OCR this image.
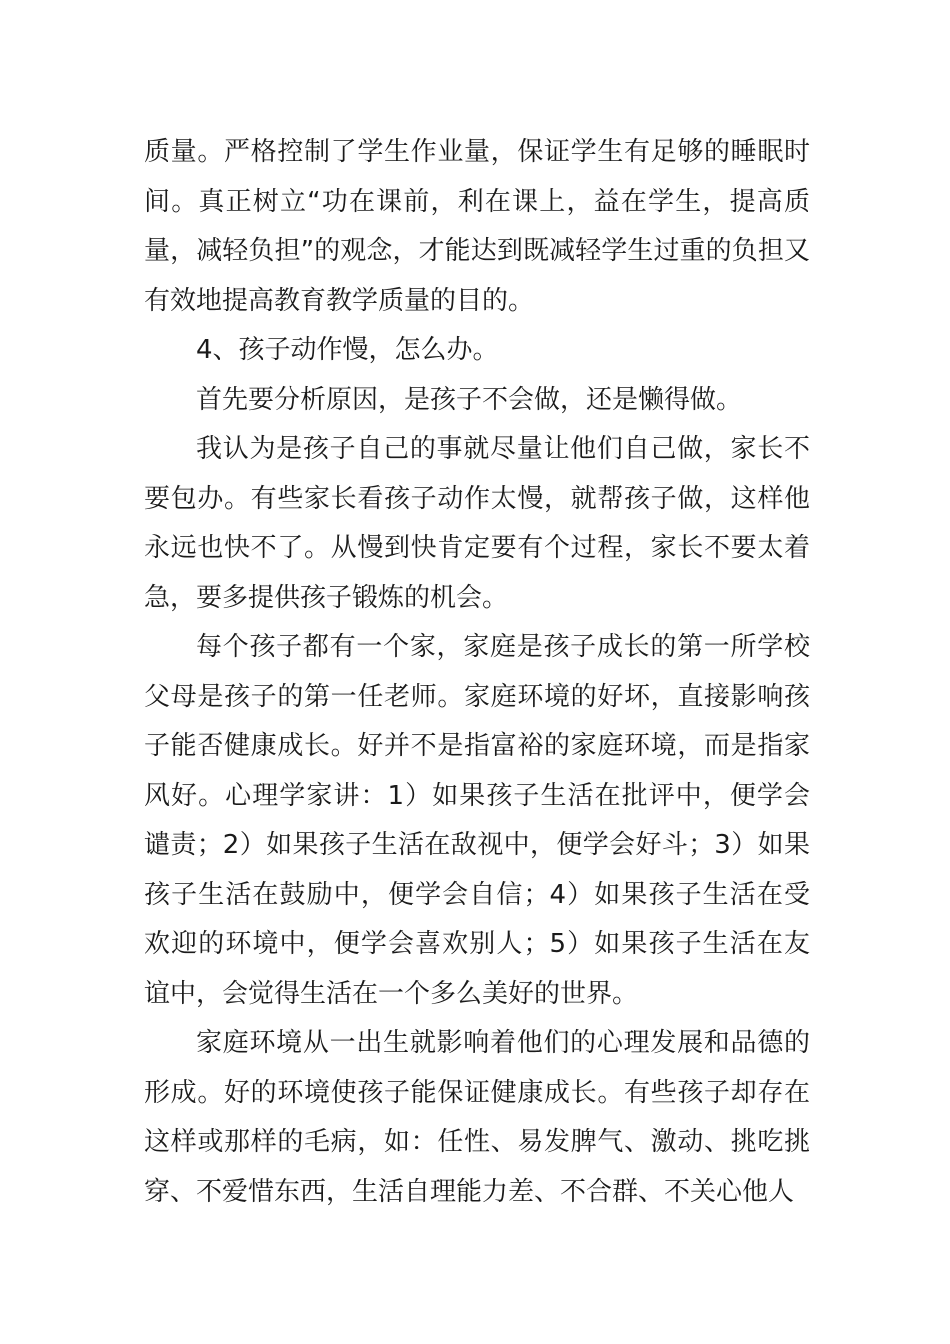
质量。严格控制了学生作业量，保证学生有足够的睡眠时间。真正树立“功在课前，利在课上，益在学生，提高质量，减轻负担”的观念，才能达到既减轻学生过重的负担又有效地提高教育教学质量的目的。

4、孩子动作慢，怎么办。

首先要分析原因，是孩子不会做，还是懒得做。

我认为是孩子自己的事就尽量让他们自己做，家长不要包办。有些家长看孩子动作太慢，就帮孩子做，这样他永远也快不了。从慢到快肯定要有个过程，家长不要太着急，要多提供孩子锻炼的机会。

每个孩子都有一个家，家庭是孩子成长的第一所学校父母是孩子的第一任老师。家庭环境的好坏，直接影响孩子能否健康成长。好并不是指富裕的家庭环境，而是指家风好。心理学家讲：1）如果孩子生活在批评中，便学会谴责；2）如果孩子生活在敌视中，便学会好斗；3）如果孩子生活在鼓励中，便学会自信；4）如果孩子生活在受欢迎的环境中，便学会喜欢别人；5）如果孩子生活在友谊中，会觉得生活在一个多么美好的世界。

家庭环境从一出生就影响着他们的心理发展和品德的形成。好的环境使孩子能保证健康成长。有些孩子却存在这样或那样的毛病，如：任性、易发脾气、激动、挑吃挑穿、不爱惜东西，生活自理能力差、不合群、不关心他人
